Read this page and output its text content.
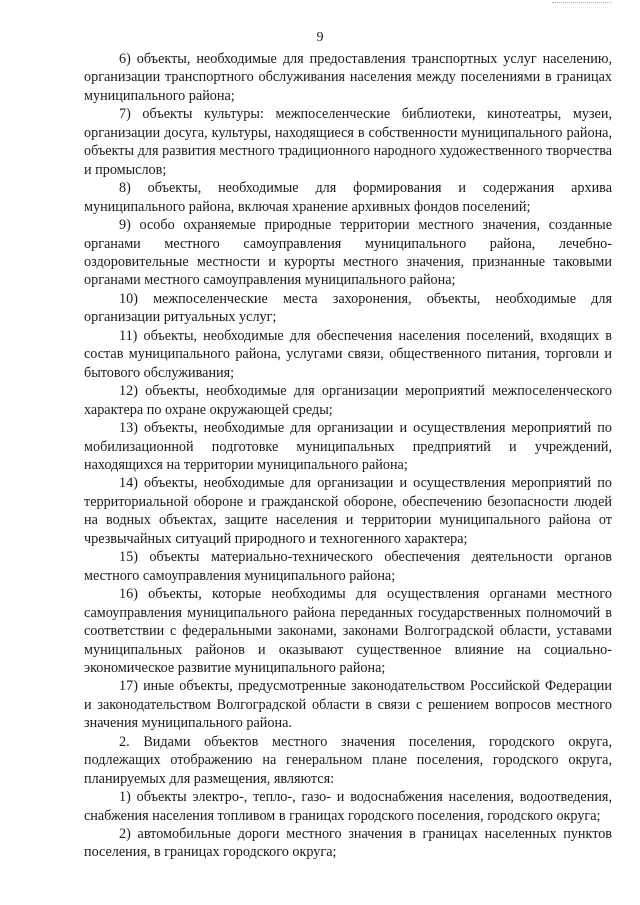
9

6) объекты, необходимые для предоставления транспортных услуг населению, организации транспортного обслуживания населения между поселениями в границах муниципального района;

7) объекты культуры: межпоселенческие библиотеки, кинотеатры, музеи, организации досуга, культуры, находящиеся в собственности муниципального района, объекты для развития местного традиционного народного художественного творчества и промыслов;

8) объекты, необходимые для формирования и содержания архива муниципального района, включая хранение архивных фондов поселений;

9) особо охраняемые природные территории местного значения, созданные органами местного самоуправления муниципального района, лечебно-оздоровительные местности и курорты местного значения, признанные таковыми органами местного самоуправления муниципального района;

10) межпоселенческие места захоронения, объекты, необходимые для организации ритуальных услуг;

11) объекты, необходимые для обеспечения населения поселений, входящих в состав муниципального района, услугами связи, общественного питания, торговли и бытового обслуживания;

12) объекты, необходимые для организации мероприятий межпоселенческого характера по охране окружающей среды;

13) объекты, необходимые для организации и осуществления мероприятий по мобилизационной подготовке муниципальных предприятий и учреждений, находящихся на территории муниципального района;

14) объекты, необходимые для организации и осуществления мероприятий по территориальной обороне и гражданской обороне, обеспечению безопасности людей на водных объектах, защите населения и территории муниципального района от чрезвычайных ситуаций природного и техногенного характера;

15) объекты материально-технического обеспечения деятельности органов местного самоуправления муниципального района;

16) объекты, которые необходимы для осуществления органами местного самоуправления муниципального района переданных государственных полномочий в соответствии с федеральными законами, законами Волгоградской области, уставами муниципальных районов и оказывают существенное влияние на социально-экономическое развитие муниципального района;

17) иные объекты, предусмотренные законодательством Российской Федерации и законодательством Волгоградской области в связи с решением вопросов местного значения муниципального района.

2. Видами объектов местного значения поселения, городского округа, подлежащих отображению на генеральном плане поселения, городского округа, планируемых для размещения, являются:

1) объекты электро-, тепло-, газо- и водоснабжения населения, водоотведения, снабжения населения топливом в границах городского поселения, городского округа;

2) автомобильные дороги местного значения в границах населенных пунктов поселения, в границах городского округа;
